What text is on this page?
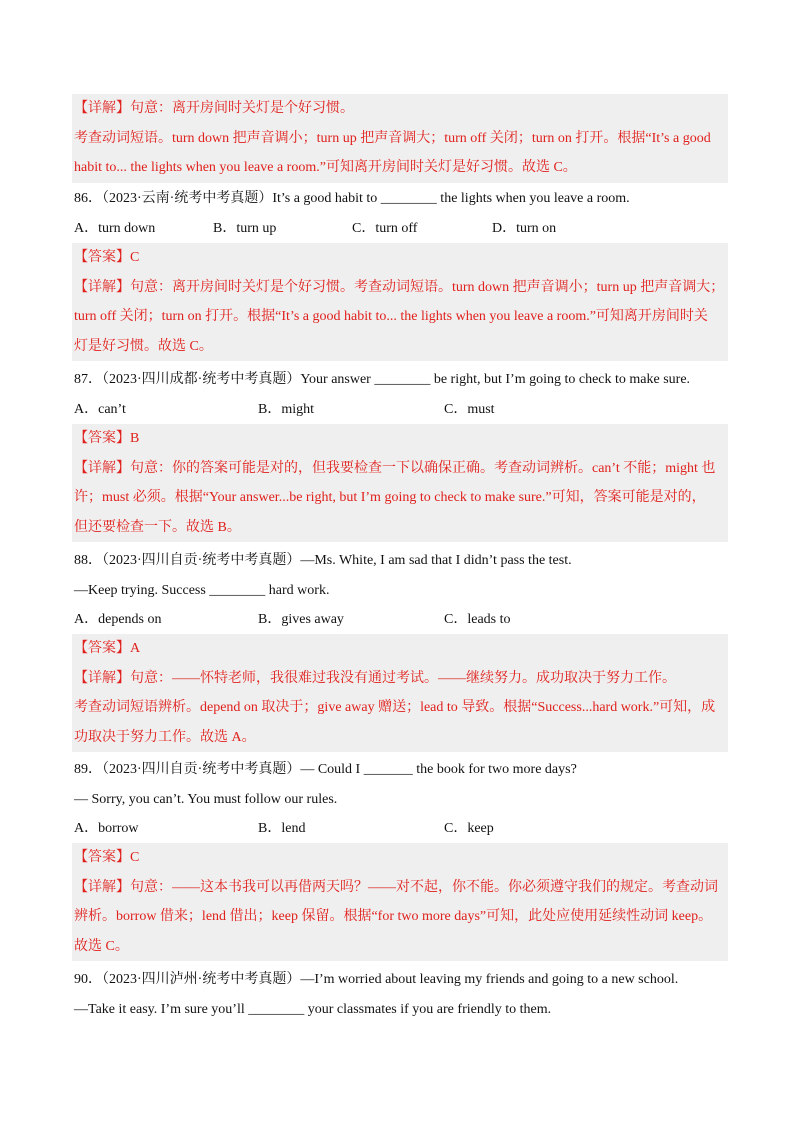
【详解】句意：离开房间时关灯是个好习惯。
考查动词短语。turn down 把声音调小；turn up 把声音调大；turn off 关闭；turn on 打开。根据“It’s a good
habit to... the lights when you leave a room.”可知离开房间时关灯是好习惯。故选 C。
86．（2023·云南·统考中考真题）It’s a good habit to ________ the lights when you leave a room.
A．turn down	B．turn up	C．turn off	D．turn on
【答案】C
【详解】句意：离开房间时关灯是个好习惯。考查动词短语。turn down 把声音调小；turn up 把声音调大；
turn off 关闭；turn on 打开。根据“It’s a good habit to... the lights when you leave a room.”可知离开房间时关
灯是好习惯。故选 C。
87．（2023·四川成都·统考中考真题）Your answer ________ be right, but I’m going to check to make sure.
A．can’t	B．might	C．must
【答案】B
【详解】句意：你的答案可能是对的，但我要检查一下以确保正确。考查动词辨析。can’t 不能；might 也
许；must 必须。根据“Your answer...be right, but I’m going to check to make sure.”可知，答案可能是对的，
但还要检查一下。故选 B。
88．（2023·四川自贡·统考中考真题）—Ms. White, I am sad that I didn’t pass the test.
—Keep trying. Success ________ hard work.
A．depends on	B．gives away	C．leads to
【答案】A
【详解】句意：——怀特老师，我很难过我没有通过考试。——继续努力。成功取决于努力工作。
考查动词短语辨析。depend on 取决于；give away 赠送；lead to 导致。根据“Success...hard work.”可知，成
功取决于努力工作。故选 A。
89．（2023·四川自贡·统考中考真题）— Could I _______ the book for two more days?
— Sorry, you can’t. You must follow our rules.
A．borrow	B．lend	C．keep
【答案】C
【详解】句意：——这本书我可以再借两天吗？——对不起，你不能。你必须遵守我们的规定。考查动词
辨析。borrow 借来；lend 借出；keep 保留。根据“for two more days”可知，此处应使用延续性动词 keep。
故选 C。
90．（2023·四川泸州·统考中考真题）—I’m worried about leaving my friends and going to a new school.
—Take it easy. I’m sure you’ll ________ your classmates if you are friendly to them.
